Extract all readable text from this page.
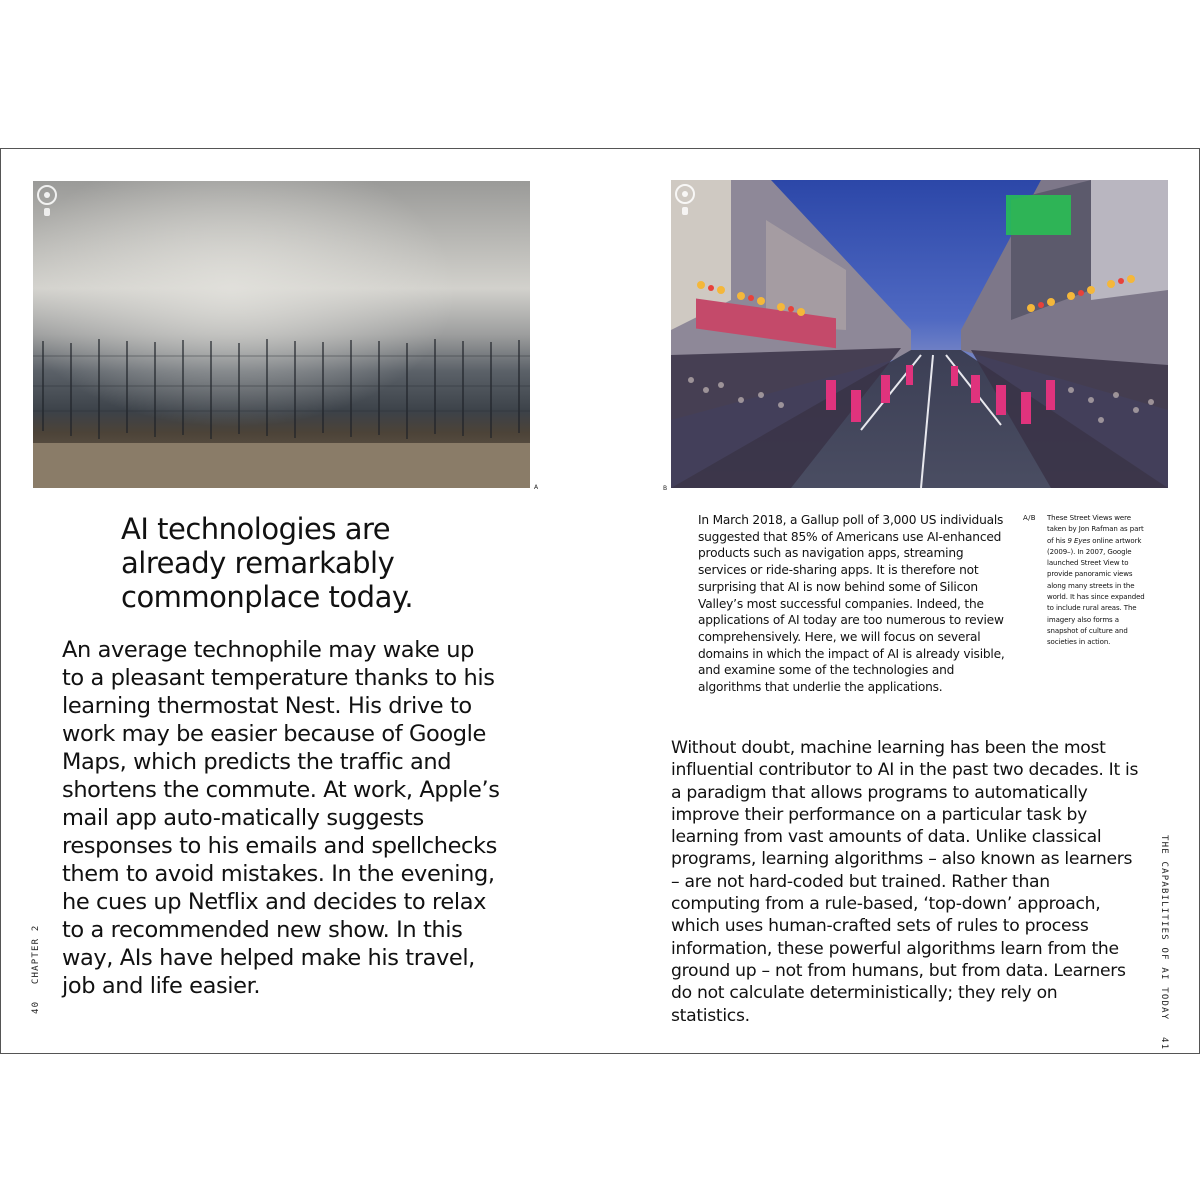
A	B
AI technologies are already remarkably commonplace today.

An average technophile may wake up to a pleasant temperature thanks to his learning thermostat Nest. His drive to work may be easier because of Google Maps, which predicts the traffic and shortens the commute. At work, Apple’s mail app auto-matically suggests responses to his emails and spellchecks them to avoid mistakes. In the evening, he cues up Netflix and decides to relax to a recommended new show. In this way, AIs have helped make his travel, job and life easier.

40 CHAPTER 2

In March 2018, a Gallup poll of 3,000 US individuals suggested that 85% of Americans use AI-enhanced products such as navigation apps, streaming services or ride-sharing apps. It is therefore not surprising that AI is now behind some of Silicon Valley’s most successful companies. Indeed, the applications of AI today are too numerous to review comprehensively. Here, we will focus on several domains in which the impact of AI is already visible, and examine some of the technologies and algorithms that underlie the applications.

A/B These Street Views were taken by Jon Rafman as part of his 9 Eyes online artwork (2009–). In 2007, Google launched Street View to provide panoramic views along many streets in the world. It has since expanded to include rural areas. The imagery also forms a snapshot of culture and societies in action.

Without doubt, machine learning has been the most influential contributor to AI in the past two decades. It is a paradigm that allows programs to automatically improve their performance on a particular task by learning from vast amounts of data. Unlike classical programs, learning algorithms – also known as learners – are not hard-coded but trained. Rather than computing from a rule-based, ‘top-down’ approach, which uses human-crafted sets of rules to process information, these powerful algorithms learn from the ground up – not from humans, but from data. Learners do not calculate deterministically; they rely on statistics.	THE CAPABILITIES OF AI TODAY 41
